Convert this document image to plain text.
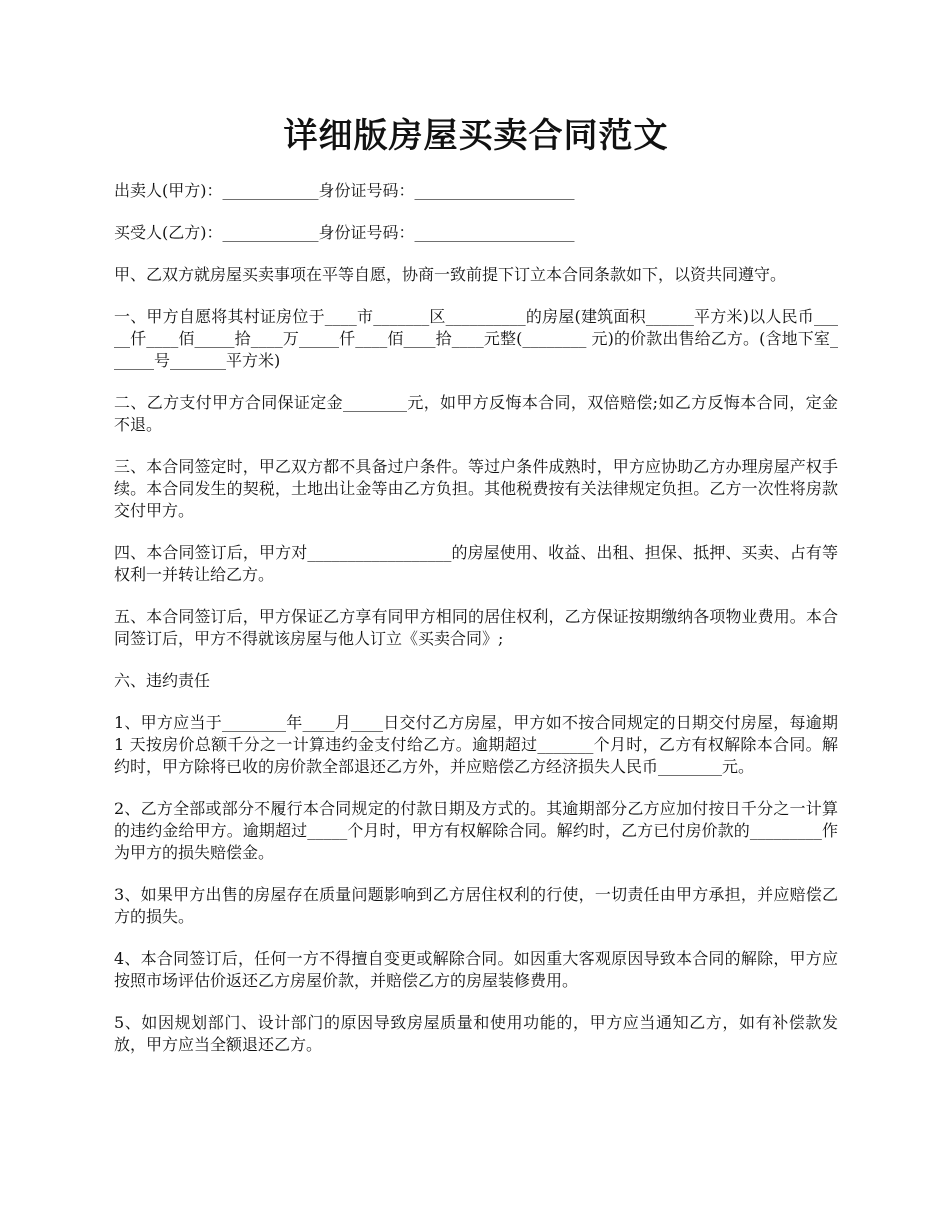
详细版房屋买卖合同范文

出卖人(甲方)：____________身份证号码：____________________

买受人(乙方)：____________身份证号码：____________________

甲、乙双方就房屋买卖事项在平等自愿，协商一致前提下订立本合同条款如下，以资共同遵守。

一、甲方自愿将其村证房位于____市_______区__________的房屋(建筑面积______平方米)以人民币_____仟____佰_____拾____万_____仟____佰____拾____元整(________ 元)的价款出售给乙方。(含地下室______号_______平方米)

二、乙方支付甲方合同保证定金________元，如甲方反悔本合同，双倍赔偿;如乙方反悔本合同，定金不退。

三、本合同签定时，甲乙双方都不具备过户条件。等过户条件成熟时，甲方应协助乙方办理房屋产权手续。本合同发生的契税，土地出让金等由乙方负担。其他税费按有关法律规定负担。乙方一次性将房款交付甲方。

四、本合同签订后，甲方对__________________的房屋使用、收益、出租、担保、抵押、买卖、占有等权利一并转让给乙方。

五、本合同签订后，甲方保证乙方享有同甲方相同的居住权利，乙方保证按期缴纳各项物业费用。本合同签订后，甲方不得就该房屋与他人订立《买卖合同》;

六、违约责任

1、甲方应当于________年____月____日交付乙方房屋，甲方如不按合同规定的日期交付房屋，每逾期 1 天按房价总额千分之一计算违约金支付给乙方。逾期超过_______个月时，乙方有权解除本合同。解约时，甲方除将已收的房价款全部退还乙方外，并应赔偿乙方经济损失人民币________元。

2、乙方全部或部分不履行本合同规定的付款日期及方式的。其逾期部分乙方应加付按日千分之一计算的违约金给甲方。逾期超过_____个月时，甲方有权解除合同。解约时，乙方已付房价款的_________作为甲方的损失赔偿金。

3、如果甲方出售的房屋存在质量问题影响到乙方居住权利的行使，一切责任由甲方承担，并应赔偿乙方的损失。

4、本合同签订后，任何一方不得擅自变更或解除合同。如因重大客观原因导致本合同的解除，甲方应按照市场评估价返还乙方房屋价款，并赔偿乙方的房屋装修费用。

5、如因规划部门、设计部门的原因导致房屋质量和使用功能的，甲方应当通知乙方，如有补偿款发放，甲方应当全额退还乙方。
